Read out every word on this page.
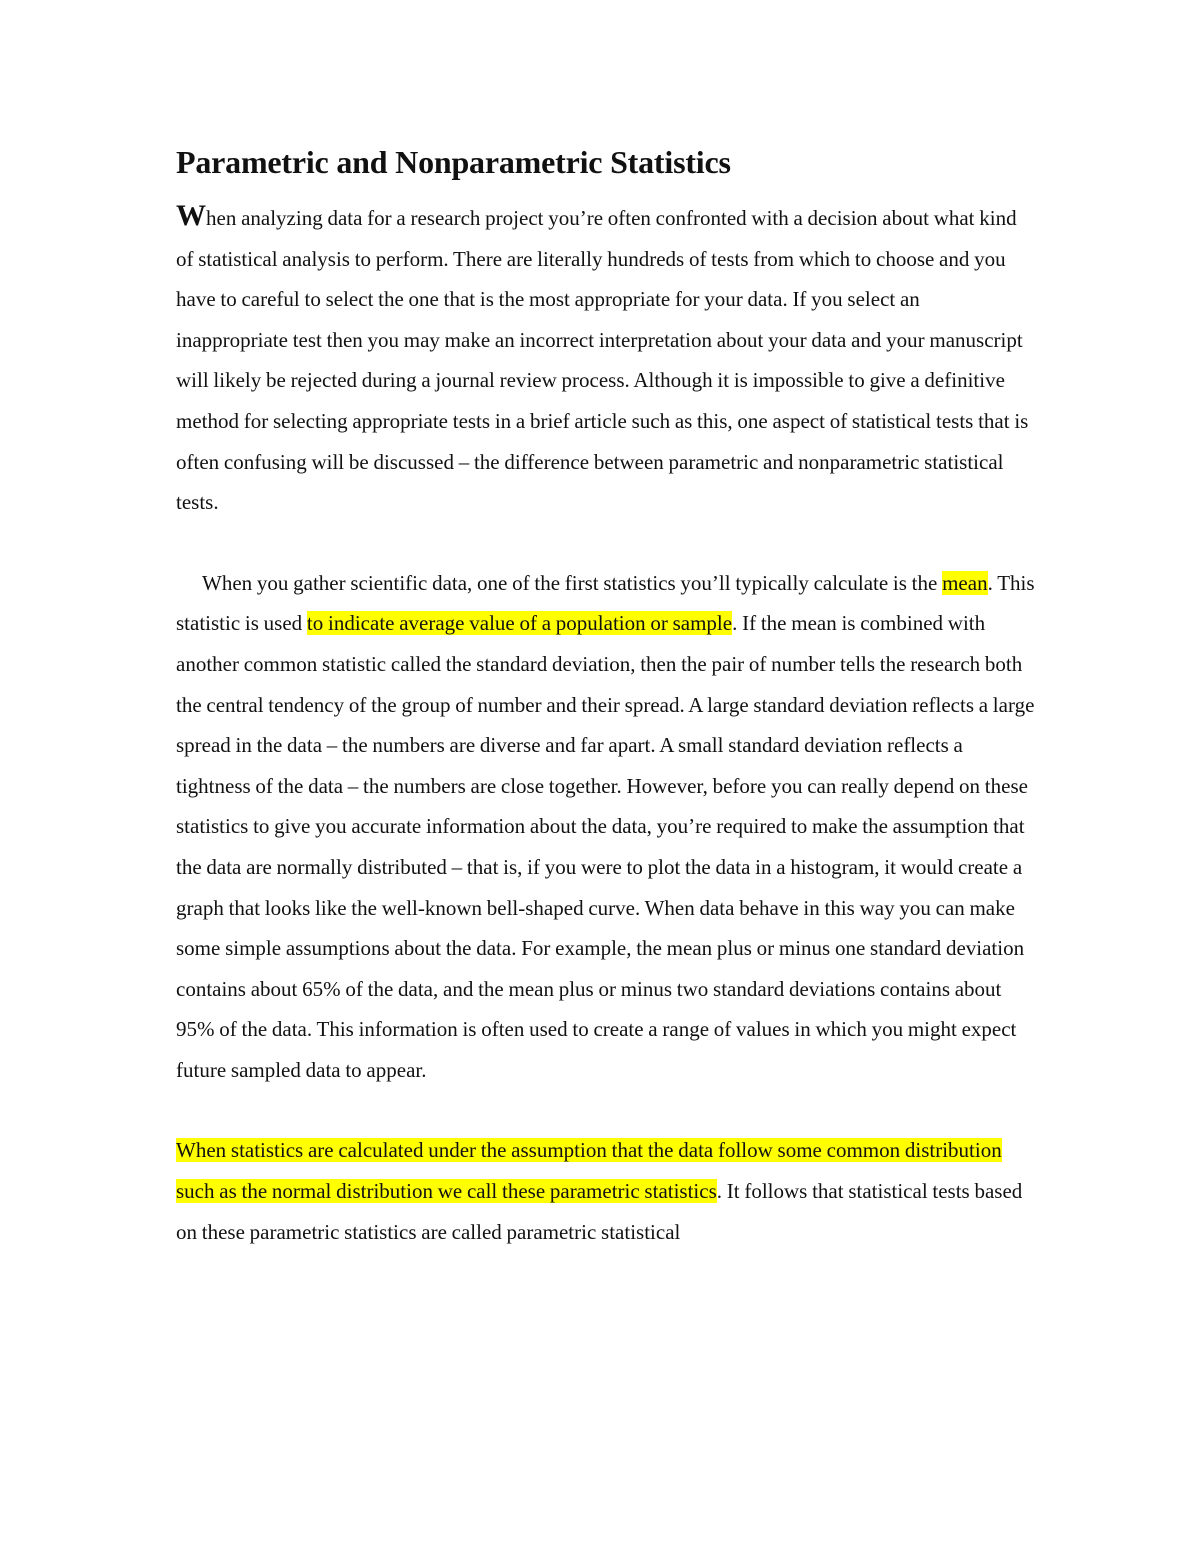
Parametric and Nonparametric Statistics

When analyzing data for a research project you’re often confronted with a decision about what kind of statistical analysis to perform. There are literally hundreds of tests from which to choose and you have to careful to select the one that is the most appropriate for your data. If you select an inappropriate test then you may make an incorrect interpretation about your data and your manuscript will likely be rejected during a journal review process. Although it is impossible to give a definitive method for selecting appropriate tests in a brief article such as this, one aspect of statistical tests that is often confusing will be discussed – the difference between parametric and nonparametric statistical tests.

When you gather scientific data, one of the first statistics you’ll typically calculate is the mean. This statistic is used to indicate average value of a population or sample. If the mean is combined with another common statistic called the standard deviation, then the pair of number tells the research both the central tendency of the group of number and their spread. A large standard deviation reflects a large spread in the data – the numbers are diverse and far apart. A small standard deviation reflects a tightness of the data – the numbers are close together. However, before you can really depend on these statistics to give you accurate information about the data, you’re required to make the assumption that the data are normally distributed – that is, if you were to plot the data in a histogram, it would create a graph that looks like the well-known bell-shaped curve. When data behave in this way you can make some simple assumptions about the data. For example, the mean plus or minus one standard deviation contains about 65% of the data, and the mean plus or minus two standard deviations contains about 95% of the data. This information is often used to create a range of values in which you might expect future sampled data to appear.

When statistics are calculated under the assumption that the data follow some common distribution such as the normal distribution we call these parametric statistics. It follows that statistical tests based on these parametric statistics are called parametric statistical
